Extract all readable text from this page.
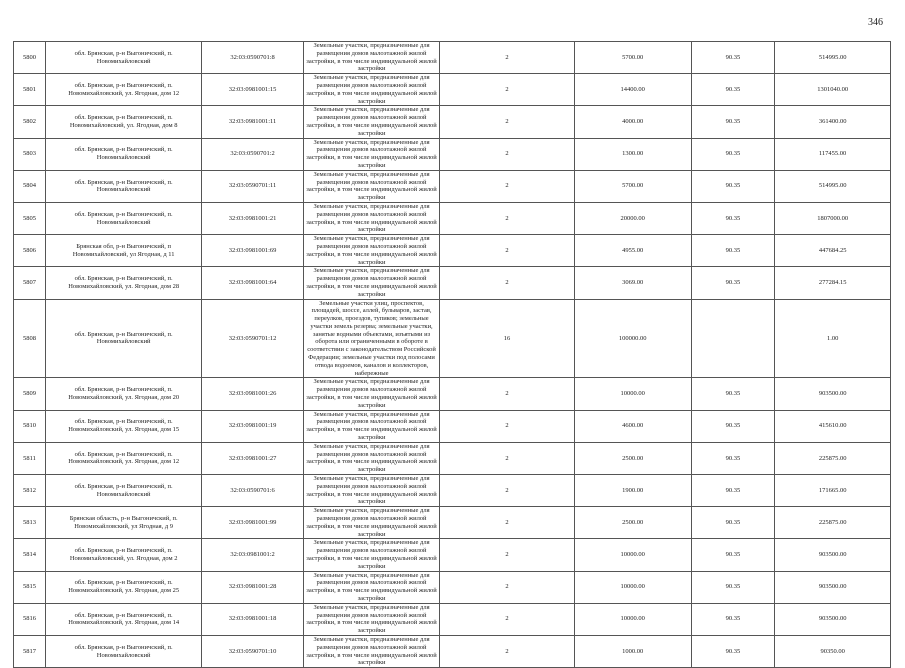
346
5800	обл. Брянская, р-н Выгоничский, п. Новомихайловский	32:03:0590701:8	Земельные участки, предназначенные для размещения домов малоэтажной жилой застройки, в том числе индивидуальной жилой застройки	2	5700.00	90.35	514995.00
5801	обл. Брянская, р-н Выгоничский, п. Новомихайловский, ул. Ягодная, дом 12	32:03:0981001:15	Земельные участки, предназначенные для размещения домов малоэтажной жилой застройки, в том числе индивидуальной жилой застройки	2	14400.00	90.35	1301040.00
5802	обл. Брянская, р-н Выгоничский, п. Новомихайловский, ул. Ягодная, дом 8	32:03:0981001:11	Земельные участки, предназначенные для размещения домов малоэтажной жилой застройки, в том числе индивидуальной жилой застройки	2	4000.00	90.35	361400.00
5803	обл. Брянская, р-н Выгоничский, п. Новомихайловский	32:03:0590701:2	Земельные участки, предназначенные для размещения домов малоэтажной жилой застройки, в том числе индивидуальной жилой застройки	2	1300.00	90.35	117455.00
5804	обл. Брянская, р-н Выгоничский, п. Новомихайловский	32:03:0590701:11	Земельные участки, предназначенные для размещения домов малоэтажной жилой застройки, в том числе индивидуальной жилой застройки	2	5700.00	90.35	514995.00
5805	обл. Брянская, р-н Выгоничский, п. Новомихайловский	32:03:0981001:21	Земельные участки, предназначенные для размещения домов малоэтажной жилой застройки, в том числе индивидуальной жилой застройки	2	20000.00	90.35	1807000.00
5806	Брянская обл, р-н Выгоничский, п Новомихайловский, ул Ягодная, д 11	32:03:0981001:69	Земельные участки, предназначенные для размещения домов малоэтажной жилой застройки, в том числе индивидуальной жилой застройки	2	4955.00	90.35	447684.25
5807	обл. Брянская, р-н Выгоничский, п. Новомихайловский, ул. Ягодная, дом 28	32:03:0981001:64	Земельные участки, предназначенные для размещения домов малоэтажной жилой застройки, в том числе индивидуальной жилой застройки	2	3069.00	90.35	277284.15
5808	обл. Брянская, р-н Выгоничский, п. Новомихайловский	32:03:0590701:12	Земельные участки улиц, проспектов, площадей, шоссе, аллей, бульваров, застав, переулков, проездов, тупиков; земельные участки земель резерва; земельные участки, занятые водными объектами, изъятыми из оборота или ограниченными в обороте в соответствии с законодательством Российской Федерации; земельные участки под полосами отвода водоемов, каналов и коллекторов, набережные	16	100000.00		1.00
5809	обл. Брянская, р-н Выгоничский, п. Новомихайловский, ул. Ягодная, дом 20	32:03:0981001:26	Земельные участки, предназначенные для размещения домов малоэтажной жилой застройки, в том числе индивидуальной жилой застройки	2	10000.00	90.35	903500.00
5810	обл. Брянская, р-н Выгоничский, п. Новомихайловский, ул. Ягодная, дом 15	32:03:0981001:19	Земельные участки, предназначенные для размещения домов малоэтажной жилой застройки, в том числе индивидуальной жилой застройки	2	4600.00	90.35	415610.00
5811	обл. Брянская, р-н Выгоничский, п. Новомихайловский, ул. Ягодная, дом 12	32:03:0981001:27	Земельные участки, предназначенные для размещения домов малоэтажной жилой застройки, в том числе индивидуальной жилой застройки	2	2500.00	90.35	225875.00
5812	обл. Брянская, р-н Выгоничский, п. Новомихайловский	32:03:0590701:6	Земельные участки, предназначенные для размещения домов малоэтажной жилой застройки, в том числе индивидуальной жилой застройки	2	1900.00	90.35	171665.00
5813	Брянская область, р-н Выгоничский, п. Новомихайловский, ул Ягодная, д 9	32:03:0981001:99	Земельные участки, предназначенные для размещения домов малоэтажной жилой застройки, в том числе индивидуальной жилой застройки	2	2500.00	90.35	225875.00
5814	обл. Брянская, р-н Выгоничский, п. Новомихайловский, ул. Ягодная, дом 2	32:03:0981001:2	Земельные участки, предназначенные для размещения домов малоэтажной жилой застройки, в том числе индивидуальной жилой застройки	2	10000.00	90.35	903500.00
5815	обл. Брянская, р-н Выгоничский, п. Новомихайловский, ул. Ягодная, дом 25	32:03:0981001:28	Земельные участки, предназначенные для размещения домов малоэтажной жилой застройки, в том числе индивидуальной жилой застройки	2	10000.00	90.35	903500.00
5816	обл. Брянская, р-н Выгоничский, п. Новомихайловский, ул. Ягодная, дом 14	32:03:0981001:18	Земельные участки, предназначенные для размещения домов малоэтажной жилой застройки, в том числе индивидуальной жилой застройки	2	10000.00	90.35	903500.00
5817	обл. Брянская, р-н Выгоничский, п. Новомихайловский	32:03:0590701:10	Земельные участки, предназначенные для размещения домов малоэтажной жилой застройки, в том числе индивидуальной жилой застройки	2	1000.00	90.35	90350.00
